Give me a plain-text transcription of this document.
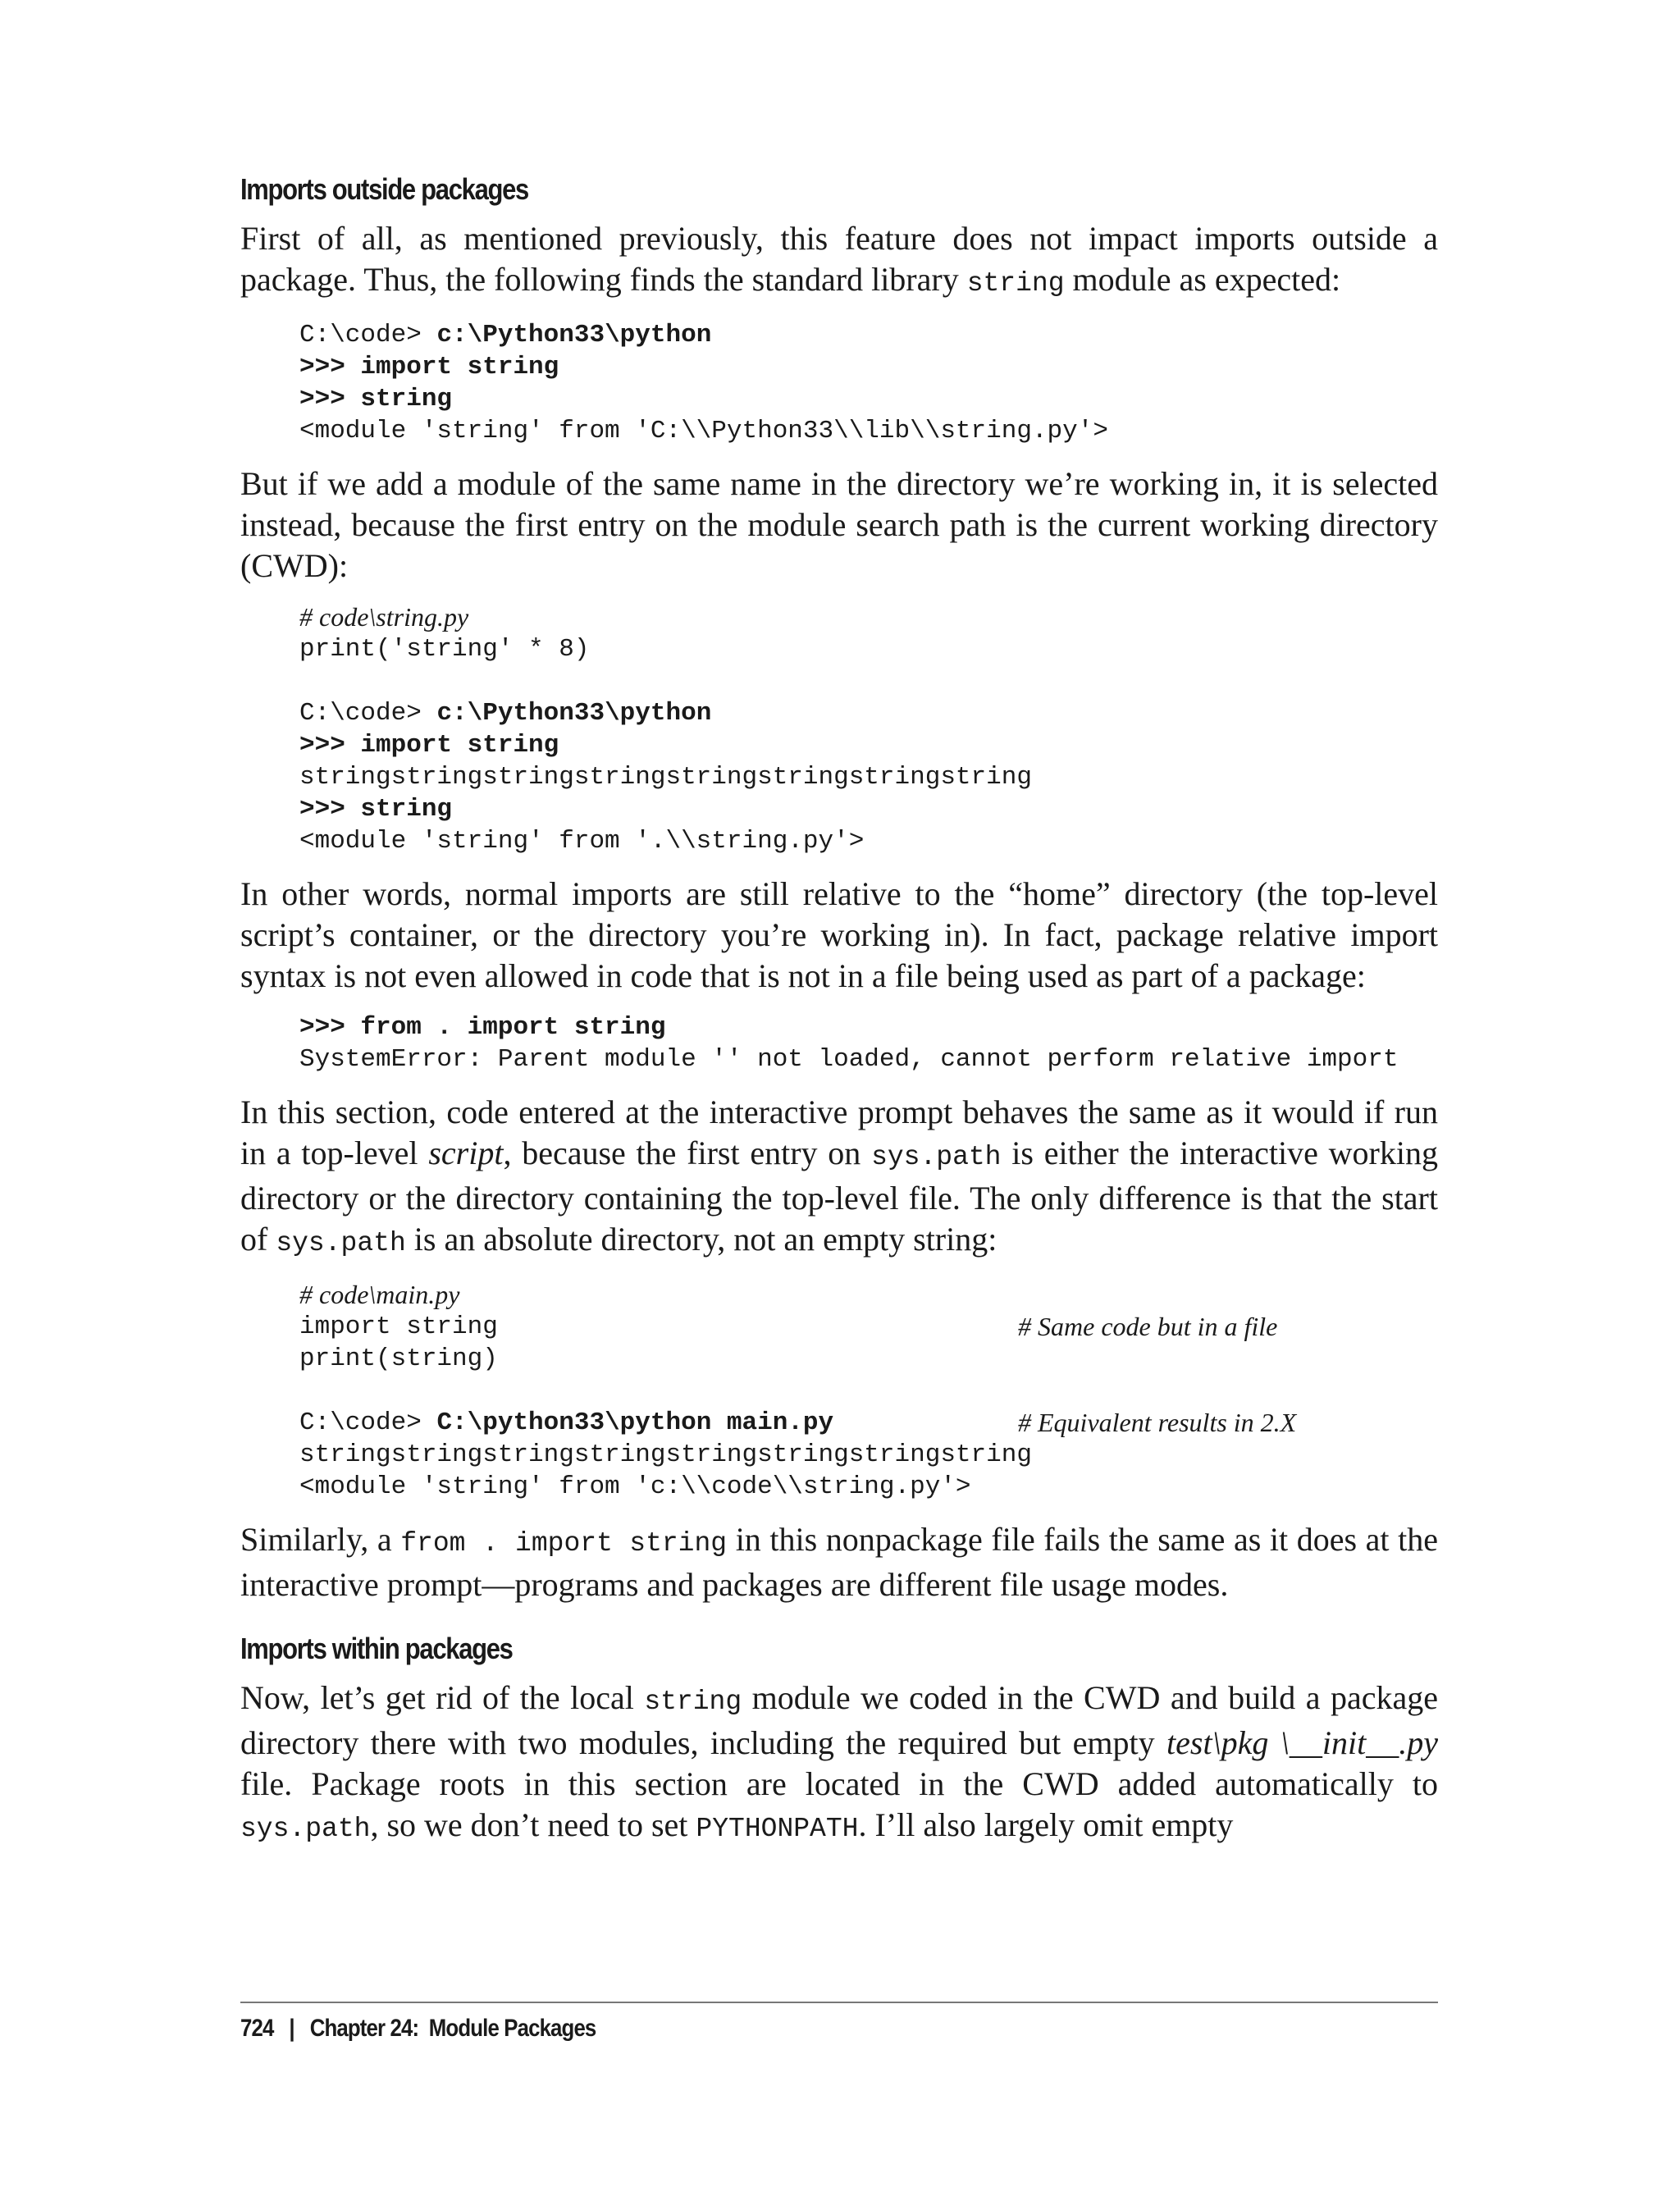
Imports outside packages

First of all, as mentioned previously, this feature does not impact imports outside a package. Thus, the following finds the standard library string module as expected:

C:\code> c:\Python33\python
>>> import string
>>> string
<module 'string' from 'C:\\Python33\\lib\\string.py'>

But if we add a module of the same name in the directory we’re working in, it is selected instead, because the first entry on the module search path is the current working directory (CWD):

# code\string.py
print('string' * 8)
C:\code> c:\Python33\python
>>> import string
stringstringstringstringstringstringstringstring
>>> string
<module 'string' from '.\\string.py'>

In other words, normal imports are still relative to the “home” directory (the top-level script’s container, or the directory you’re working in). In fact, package relative import syntax is not even allowed in code that is not in a file being used as part of a package:

>>> from . import string
SystemError: Parent module '' not loaded, cannot perform relative import

In this section, code entered at the interactive prompt behaves the same as it would if run in a top-level script, because the first entry on sys.path is either the interactive working directory or the directory containing the top-level file. The only difference is that the start of sys.path is an absolute directory, not an empty string:

# code\main.py
import string	# Same code but in a file
print(string)
C:\code> C:\python33\python main.py	# Equivalent results in 2.X
stringstringstringstringstringstringstringstring
<module 'string' from 'c:\\code\\string.py'>

Similarly, a from . import string in this nonpackage file fails the same as it does at the interactive prompt—programs and packages are different file usage modes.

Imports within packages

Now, let’s get rid of the local string module we coded in the CWD and build a package directory there with two modules, including the required but empty test\pkg \__init__.py file. Package roots in this section are located in the CWD added automatically to sys.path, so we don’t need to set PYTHONPATH. I’ll also largely omit empty

724 | Chapter 24:  Module Packages
